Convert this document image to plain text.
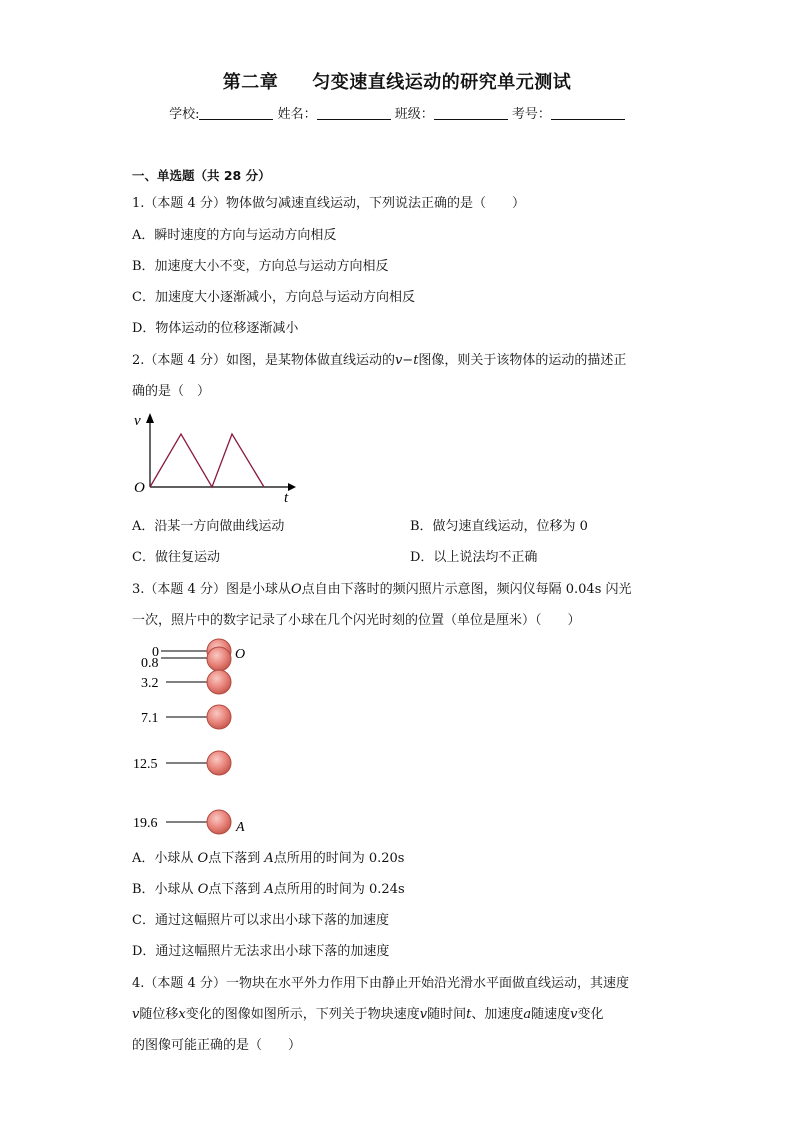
第二章 匀变速直线运动的研究单元测试
学校:	姓名：	班级：	考号：
一、单选题（共 28 分）
1.（本题 4 分）物体做匀减速直线运动，下列说法正确的是（　　）
A．瞬时速度的方向与运动方向相反
B．加速度大小不变，方向总与运动方向相反
C．加速度大小逐渐减小，方向总与运动方向相反
D．物体运动的位移逐渐减小
2.（本题 4 分）如图，是某物体做直线运动的v−t图像，则关于该物体的运动的描述正
确的是（　）
v
t
O
A．沿某一方向做曲线运动	B．做匀速直线运动，位移为 0
C．做往复运动	D．以上说法均不正确
3.（本题 4 分）图是小球从O点自由下落时的频闪照片示意图，频闪仪每隔 0.04s 闪光
一次，照片中的数字记录了小球在几个闪光时刻的位置（单位是厘米）（　　）
0
0.8
3.2
7.1
12.5
19.6
O
A
A．小球从 O点下落到 A点所用的时间为 0.20s
B．小球从 O点下落到 A点所用的时间为 0.24s
C．通过这幅照片可以求出小球下落的加速度
D．通过这幅照片无法求出小球下落的加速度
4.（本题 4 分）一物块在水平外力作用下由静止开始沿光滑水平面做直线运动，其速度
v随位移x变化的图像如图所示，下列关于物块速度v随时间t、加速度a随速度v变化
的图像可能正确的是（　　）
